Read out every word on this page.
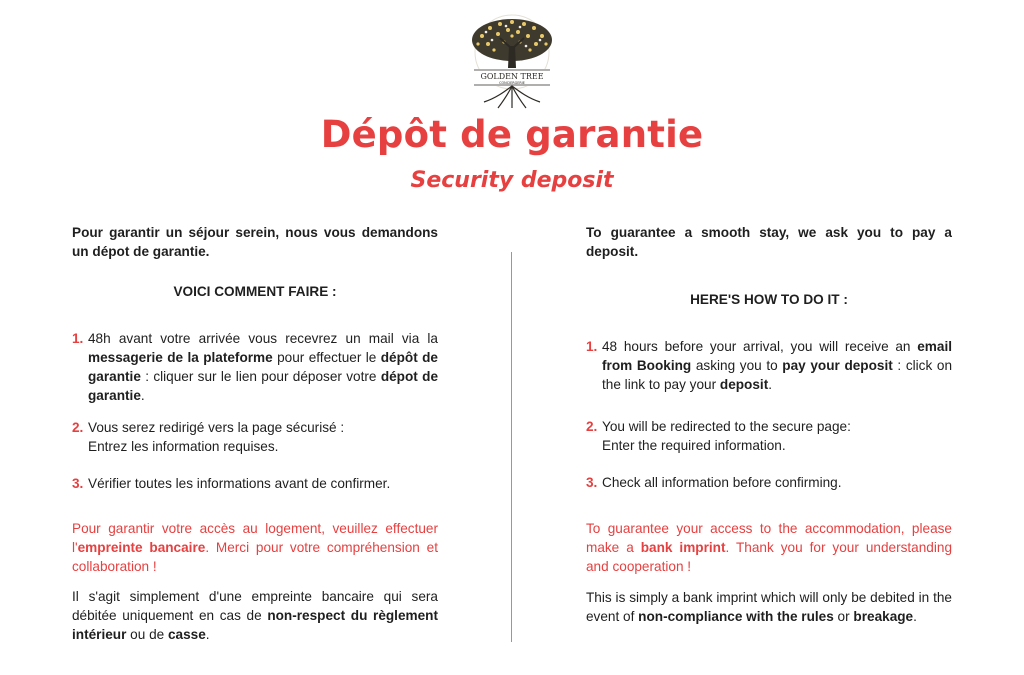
GOLDEN TREE
CONCIERGERIE
Dépôt de garantie
Security deposit

Pour garantir un séjour serein, nous vous demandons un dépot de garantie.

VOICI COMMENT FAIRE :
1. 48h avant votre arrivée vous recevrez un mail via la messagerie de la plateforme pour effectuer le dépôt de garantie : cliquer sur le lien pour déposer votre dépot de garantie.
2. Vous serez redirigé vers la page sécurisé :
Entrez les information requises.
3. Vérifier toutes les informations avant de confirmer.

Pour garantir votre accès au logement, veuillez effectuer l'empreinte bancaire. Merci pour votre compréhension et collaboration !

Il s'agit simplement d'une empreinte bancaire qui sera débitée uniquement en cas de non-respect du règlement intérieur ou de casse.

To guarantee a smooth stay, we ask you to pay a deposit.

HERE'S HOW TO DO IT :
1. 48 hours before your arrival, you will receive an email from Booking asking you to pay your deposit : click on the link to pay your deposit.
2. You will be redirected to the secure page:
Enter the required information.
3. Check all information before confirming.

To guarantee your access to the accommodation, please make a bank imprint. Thank you for your understanding and cooperation !

This is simply a bank imprint which will only be debited in the event of non-compliance with the rules or breakage.
